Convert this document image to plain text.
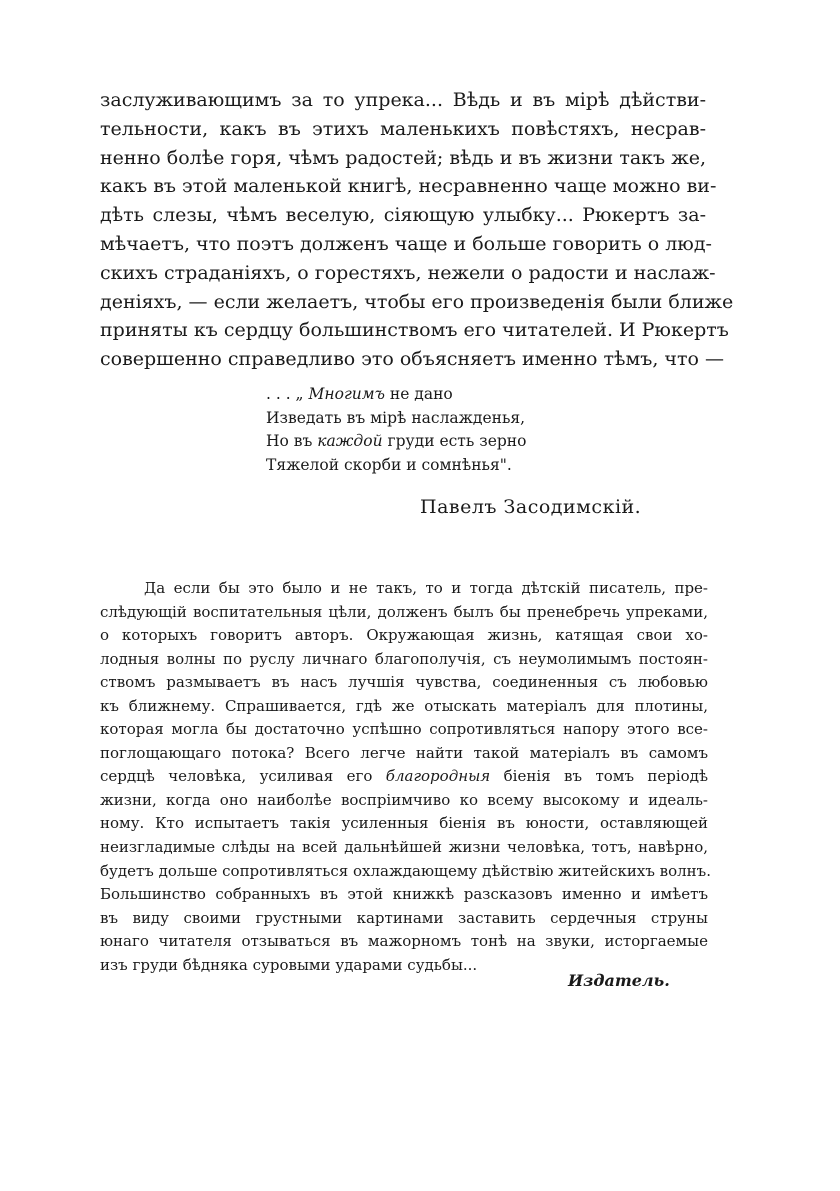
заслуживающимъ за то упрека... Вѣдь и въ мірѣ дѣйстви-
тельности, какъ въ этихъ маленькихъ повѣстяхъ, несрав-
ненно болѣе горя, чѣмъ радостей; вѣдь и въ жизни такъ же,
какъ въ этой маленькой книгѣ, несравненно чаще можно ви-
дѣть слезы, чѣмъ веселую, сіяющую улыбку... Рюкертъ за-
мѣчаетъ, что поэтъ долженъ чаще и больше говорить о люд-
скихъ страданіяхъ, о горестяхъ, нежели о радости и наслаж-
деніяхъ, — если желаетъ, чтобы его произведенія были ближе
приняты къ сердцу большинствомъ его читателей. И Рюкертъ
совершенно справедливо это объясняетъ именно тѣмъ, что —
. . . „ Многимъ не дано
Изведать въ мірѣ наслажденья,
Но въ каждой груди есть зерно
Тяжелой скорби и сомнѣнья".
Павелъ Засодимскій.
Да если бы это было и не такъ, то и тогда дѣтскій писатель, пре-
слѣдующій воспитательныя цѣли, долженъ былъ бы пренебречь упреками,
о которыхъ говоритъ авторъ. Окружающая жизнь, катящая свои хо-
лодныя волны по руслу личнаго благополучія, съ неумолимымъ постоян-
ствомъ размываетъ въ насъ лучшія чувства, соединенныя съ любовью
къ ближнему. Спрашивается, гдѣ же отыскать матеріалъ для плотины,
которая могла бы достаточно успѣшно сопротивляться напору этого все-
поглощающаго потока? Всего легче найти такой матеріалъ въ самомъ
сердцѣ человѣка, усиливая его благородныя біенія въ томъ періодѣ
жизни, когда оно наиболѣе воспріимчиво ко всему высокому и идеаль-
ному. Кто испытаетъ такія усиленныя біенія въ юности, оставляющей
неизгладимые слѣды на всей дальнѣйшей жизни человѣка, тотъ, навѣрно,
будетъ дольше сопротивляться охлаждающему дѣйствію житейскихъ волнъ.
Большинство собранныхъ въ этой книжкѣ разсказовъ именно и имѣетъ
въ виду своими грустными картинами заставить сердечныя струны
юнаго читателя отзываться въ мажорномъ тонѣ на звуки, исторгаемые
изъ груди бѣдняка суровыми ударами судьбы...
Издатель.
